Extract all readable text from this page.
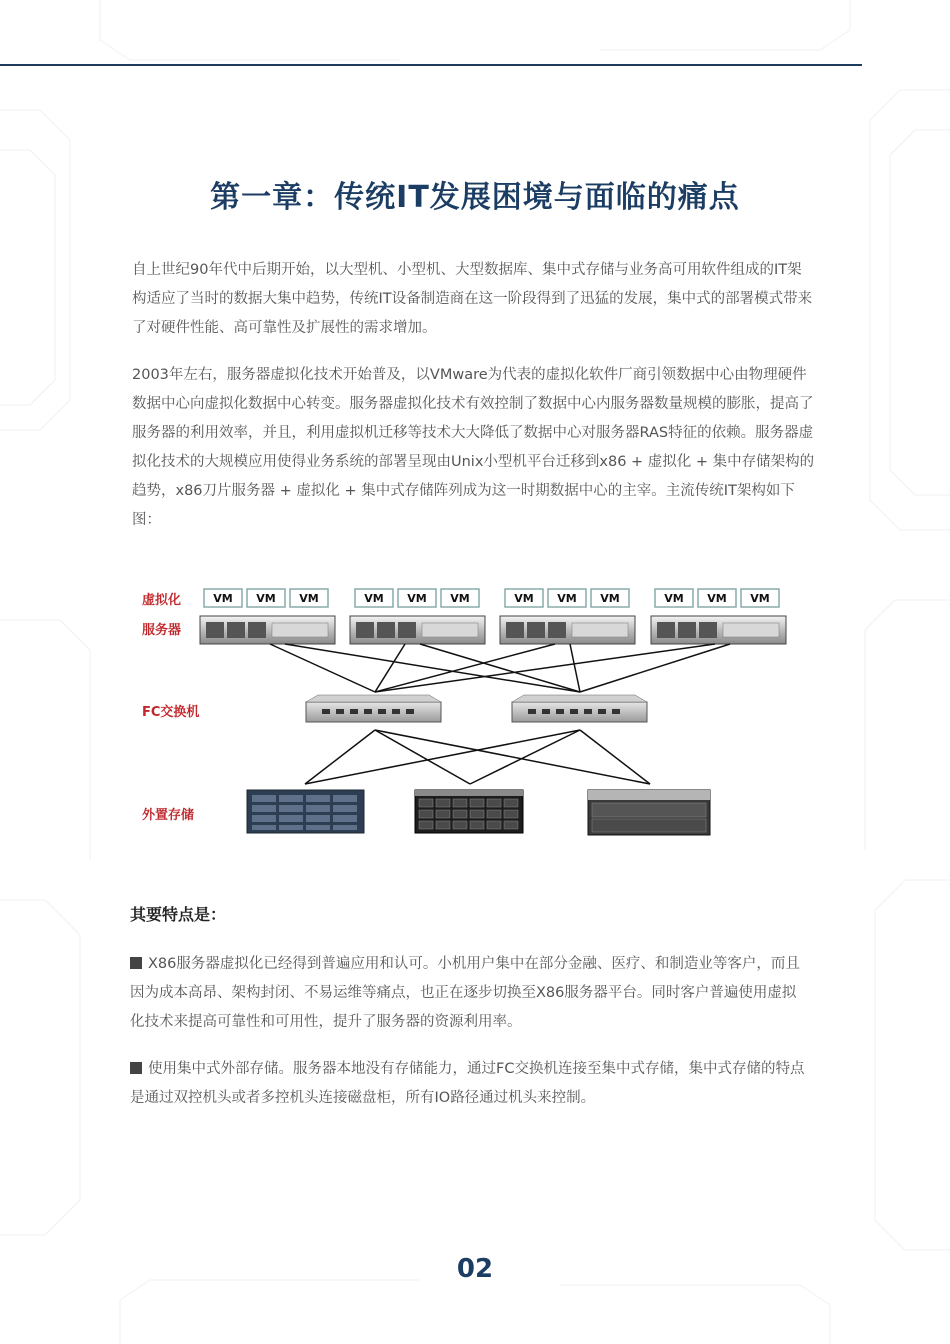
第一章：传统IT发展困境与面临的痛点

自上世纪90年代中后期开始，以大型机、小型机、大型数据库、集中式存储与业务高可用软件组成的IT架构适应了当时的数据大集中趋势，传统IT设备制造商在这一阶段得到了迅猛的发展，集中式的部署模式带来了对硬件性能、高可靠性及扩展性的需求增加。

2003年左右，服务器虚拟化技术开始普及，以VMware为代表的虚拟化软件厂商引领数据中心由物理硬件数据中心向虚拟化数据中心转变。服务器虚拟化技术有效控制了数据中心内服务器数量规模的膨胀，提高了服务器的利用效率，并且，利用虚拟机迁移等技术大大降低了数据中心对服务器RAS特征的依赖。服务器虚拟化技术的大规模应用使得业务系统的部署呈现由Unix小型机平台迁移到x86 + 虚拟化 + 集中存储架构的趋势，x86刀片服务器 + 虚拟化 + 集中式存储阵列成为这一时期数据中心的主宰。主流传统IT架构如下图：

虚拟化
服务器
FC交换机
外置存储
VM VM VM	VM VM VM	VM VM VM	VM VM VM
其要特点是：

X86服务器虚拟化已经得到普遍应用和认可。小机用户集中在部分金融、医疗、和制造业等客户，而且因为成本高昂、架构封闭、不易运维等痛点，也正在逐步切换至X86服务器平台。同时客户普遍使用虚拟化技术来提高可靠性和可用性，提升了服务器的资源利用率。

使用集中式外部存储。服务器本地没有存储能力，通过FC交换机连接至集中式存储，集中式存储的特点是通过双控机头或者多控机头连接磁盘柜，所有IO路径通过机头来控制。

02
